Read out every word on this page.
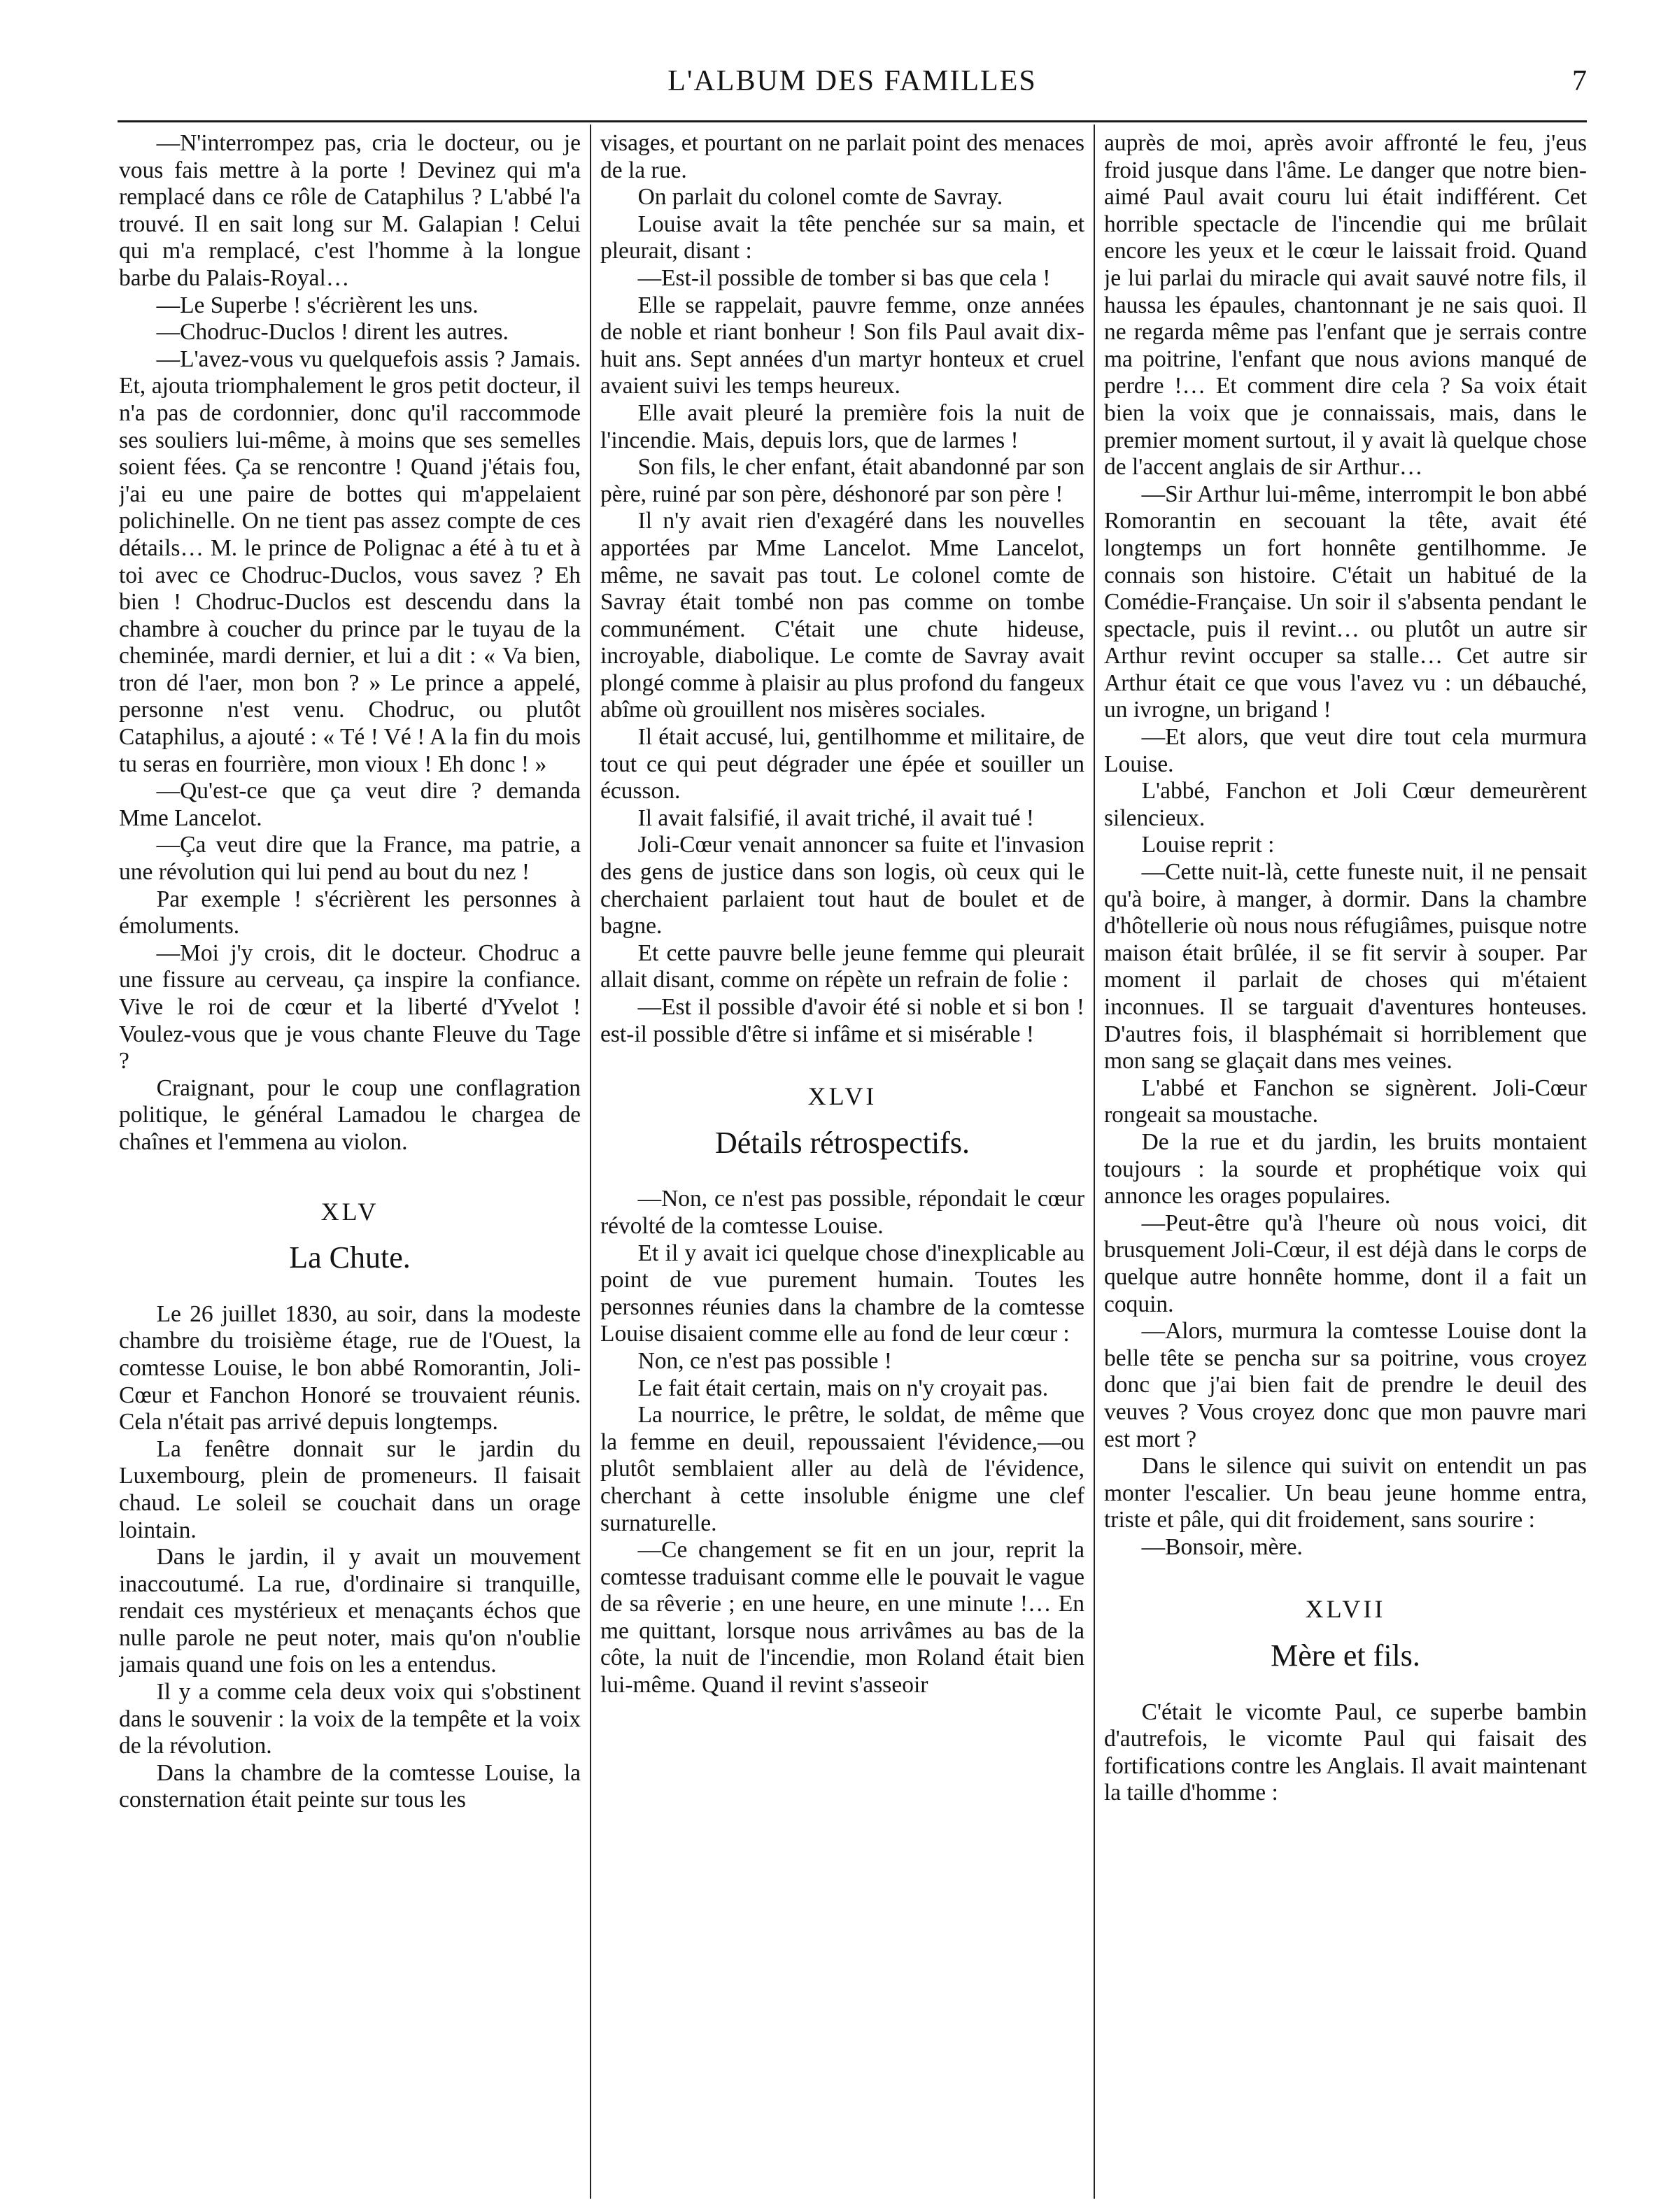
L'ALBUM DES FAMILLES	7

—N'interrompez pas, cria le docteur, ou je vous fais mettre à la porte ! Devinez qui m'a remplacé dans ce rôle de Cataphilus ? L'abbé l'a trouvé. Il en sait long sur M. Galapian ! Celui qui m'a remplacé, c'est l'homme à la longue barbe du Palais-Royal…

—Le Superbe ! s'écrièrent les uns.

—Chodruc-Duclos ! dirent les autres.

—L'avez-vous vu quelquefois assis ? Jamais. Et, ajouta triomphalement le gros petit docteur, il n'a pas de cordonnier, donc qu'il raccommode ses souliers lui-même, à moins que ses semelles soient fées. Ça se rencontre ! Quand j'étais fou, j'ai eu une paire de bottes qui m'appelaient polichinelle. On ne tient pas assez compte de ces détails… M. le prince de Polignac a été à tu et à toi avec ce Chodruc-Duclos, vous savez ? Eh bien ! Chodruc-Duclos est descendu dans la chambre à coucher du prince par le tuyau de la cheminée, mardi dernier, et lui a dit : « Va bien, tron dé l'aer, mon bon ? » Le prince a appelé, personne n'est venu. Chodruc, ou plutôt Cataphilus, a ajouté : « Té ! Vé ! A la fin du mois tu seras en fourrière, mon vioux ! Eh donc ! »

—Qu'est-ce que ça veut dire ? demanda Mme Lancelot.

—Ça veut dire que la France, ma patrie, a une révolution qui lui pend au bout du nez !

Par exemple ! s'écrièrent les personnes à émoluments.

—Moi j'y crois, dit le docteur. Chodruc a une fissure au cerveau, ça inspire la confiance. Vive le roi de cœur et la liberté d'Yvelot ! Voulez-vous que je vous chante Fleuve du Tage ?

Craignant, pour le coup une conflagration politique, le général Lamadou le chargea de chaînes et l'emmena au violon.

XLV
La Chute.

Le 26 juillet 1830, au soir, dans la modeste chambre du troisième étage, rue de l'Ouest, la comtesse Louise, le bon abbé Romorantin, Joli-Cœur et Fanchon Honoré se trouvaient réunis. Cela n'était pas arrivé depuis longtemps.

La fenêtre donnait sur le jardin du Luxembourg, plein de promeneurs. Il faisait chaud. Le soleil se couchait dans un orage lointain.

Dans le jardin, il y avait un mouvement inaccoutumé. La rue, d'ordinaire si tranquille, rendait ces mystérieux et menaçants échos que nulle parole ne peut noter, mais qu'on n'oublie jamais quand une fois on les a entendus.

Il y a comme cela deux voix qui s'obstinent dans le souvenir : la voix de la tempête et la voix de la révolution.

Dans la chambre de la comtesse Louise, la consternation était peinte sur tous les

visages, et pourtant on ne parlait point des menaces de la rue.

On parlait du colonel comte de Savray.

Louise avait la tête penchée sur sa main, et pleurait, disant :

—Est-il possible de tomber si bas que cela !

Elle se rappelait, pauvre femme, onze années de noble et riant bonheur ! Son fils Paul avait dix-huit ans. Sept années d'un martyr honteux et cruel avaient suivi les temps heureux.

Elle avait pleuré la première fois la nuit de l'incendie. Mais, depuis lors, que de larmes !

Son fils, le cher enfant, était abandonné par son père, ruiné par son père, déshonoré par son père !

Il n'y avait rien d'exagéré dans les nouvelles apportées par Mme Lancelot. Mme Lancelot, même, ne savait pas tout. Le colonel comte de Savray était tombé non pas comme on tombe communément. C'était une chute hideuse, incroyable, diabolique. Le comte de Savray avait plongé comme à plaisir au plus profond du fangeux abîme où grouillent nos misères sociales.

Il était accusé, lui, gentilhomme et militaire, de tout ce qui peut dégrader une épée et souiller un écusson.

Il avait falsifié, il avait triché, il avait tué !

Joli-Cœur venait annoncer sa fuite et l'invasion des gens de justice dans son logis, où ceux qui le cherchaient parlaient tout haut de boulet et de bagne.

Et cette pauvre belle jeune femme qui pleurait allait disant, comme on répète un refrain de folie :

—Est il possible d'avoir été si noble et si bon ! est-il possible d'être si infâme et si misérable !

XLVI
Détails rétrospectifs.

—Non, ce n'est pas possible, répondait le cœur révolté de la comtesse Louise.

Et il y avait ici quelque chose d'inexplicable au point de vue purement humain. Toutes les personnes réunies dans la chambre de la comtesse Louise disaient comme elle au fond de leur cœur :

Non, ce n'est pas possible !

Le fait était certain, mais on n'y croyait pas.

La nourrice, le prêtre, le soldat, de même que la femme en deuil, repoussaient l'évidence,—ou plutôt semblaient aller au delà de l'évidence, cherchant à cette insoluble énigme une clef surnaturelle.

—Ce changement se fit en un jour, reprit la comtesse traduisant comme elle le pouvait le vague de sa rêverie ; en une heure, en une minute !… En me quittant, lorsque nous arrivâmes au bas de la côte, la nuit de l'incendie, mon Roland était bien lui-même. Quand il revint s'asseoir

auprès de moi, après avoir affronté le feu, j'eus froid jusque dans l'âme. Le danger que notre bien-aimé Paul avait couru lui était indifférent. Cet horrible spectacle de l'incendie qui me brûlait encore les yeux et le cœur le laissait froid. Quand je lui parlai du miracle qui avait sauvé notre fils, il haussa les épaules, chantonnant je ne sais quoi. Il ne regarda même pas l'enfant que je serrais contre ma poitrine, l'enfant que nous avions manqué de perdre !… Et comment dire cela ? Sa voix était bien la voix que je connaissais, mais, dans le premier moment surtout, il y avait là quelque chose de l'accent anglais de sir Arthur…

—Sir Arthur lui-même, interrompit le bon abbé Romorantin en secouant la tête, avait été longtemps un fort honnête gentilhomme. Je connais son histoire. C'était un habitué de la Comédie-Française. Un soir il s'absenta pendant le spectacle, puis il revint… ou plutôt un autre sir Arthur revint occuper sa stalle… Cet autre sir Arthur était ce que vous l'avez vu : un débauché, un ivrogne, un brigand !

—Et alors, que veut dire tout cela murmura Louise.

L'abbé, Fanchon et Joli Cœur demeurèrent silencieux.

Louise reprit :

—Cette nuit-là, cette funeste nuit, il ne pensait qu'à boire, à manger, à dormir. Dans la chambre d'hôtellerie où nous nous réfugiâmes, puisque notre maison était brûlée, il se fit servir à souper. Par moment il parlait de choses qui m'étaient inconnues. Il se targuait d'aventures honteuses. D'autres fois, il blasphémait si horriblement que mon sang se glaçait dans mes veines.

L'abbé et Fanchon se signèrent. Joli-Cœur rongeait sa moustache.

De la rue et du jardin, les bruits montaient toujours : la sourde et prophétique voix qui annonce les orages populaires.

—Peut-être qu'à l'heure où nous voici, dit brusquement Joli-Cœur, il est déjà dans le corps de quelque autre honnête homme, dont il a fait un coquin.

—Alors, murmura la comtesse Louise dont la belle tête se pencha sur sa poitrine, vous croyez donc que j'ai bien fait de prendre le deuil des veuves ? Vous croyez donc que mon pauvre mari est mort ?

Dans le silence qui suivit on entendit un pas monter l'escalier. Un beau jeune homme entra, triste et pâle, qui dit froidement, sans sourire :

—Bonsoir, mère.

XLVII
Mère et fils.

C'était le vicomte Paul, ce superbe bambin d'autrefois, le vicomte Paul qui faisait des fortifications contre les Anglais. Il avait maintenant la taille d'homme :
